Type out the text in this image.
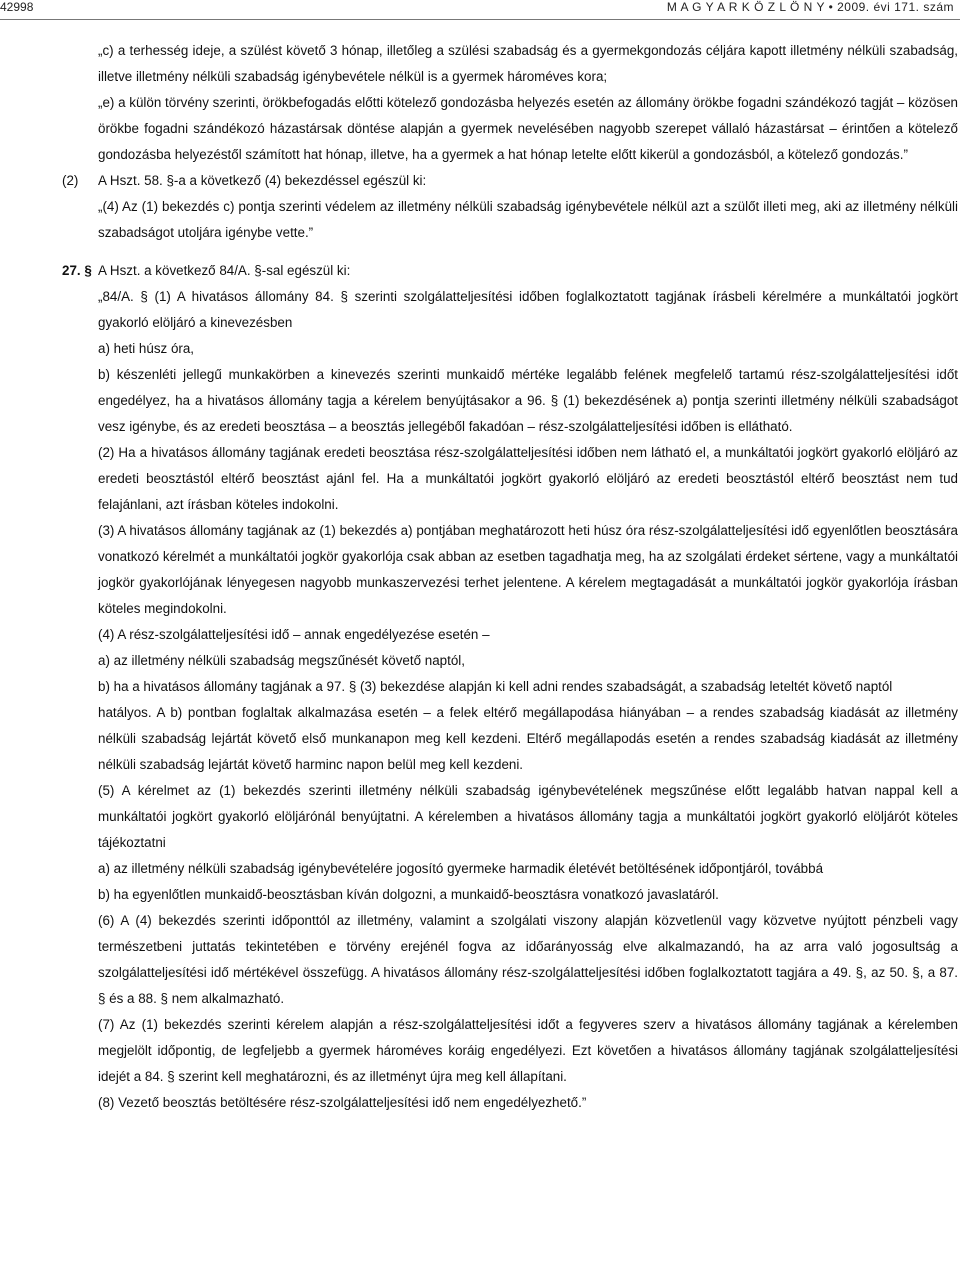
42998	M A G Y A R K Ö Z L Ö N Y • 2009. évi 171. szám

„c) a terhesség ideje, a szülést követő 3 hónap, illetőleg a szülési szabadság és a gyermekgondozás céljára kapott illetmény nélküli szabadság, illetve illetmény nélküli szabadság igénybevétele nélkül is a gyermek hároméves kora;

„e) a külön törvény szerinti, örökbefogadás előtti kötelező gondozásba helyezés esetén az állomány örökbe fogadni szándékozó tagját – közösen örökbe fogadni szándékozó házastársak döntése alapján a gyermek nevelésében nagyobb szerepet vállaló házastársat – érintően a kötelező gondozásba helyezéstől számított hat hónap, illetve, ha a gyermek a hat hónap letelte előtt kikerül a gondozásból, a kötelező gondozás.”

(2)	A Hszt. 58. §-a a következő (4) bekezdéssel egészül ki:

„(4) Az (1) bekezdés c) pontja szerinti védelem az illetmény nélküli szabadság igénybevétele nélkül azt a szülőt illeti meg, aki az illetmény nélküli szabadságot utoljára igénybe vette.”

27. § A Hszt. a következő 84/A. §-sal egészül ki:

„84/A. § (1) A hivatásos állomány 84. § szerinti szolgálatteljesítési időben foglalkoztatott tagjának írásbeli kérelmére a munkáltatói jogkört gyakorló elöljáró a kinevezésben

a) heti húsz óra,

b) készenléti jellegű munkakörben a kinevezés szerinti munkaidő mértéke legalább felének megfelelő tartamú rész-szolgálatteljesítési időt engedélyez, ha a hivatásos állomány tagja a kérelem benyújtásakor a 96. § (1) bekezdésének a) pontja szerinti illetmény nélküli szabadságot vesz igénybe, és az eredeti beosztása – a beosztás jellegéből fakadóan – rész-szolgálatteljesítési időben is ellátható.

(2) Ha a hivatásos állomány tagjának eredeti beosztása rész-szolgálatteljesítési időben nem látható el, a munkáltatói jogkört gyakorló elöljáró az eredeti beosztástól eltérő beosztást ajánl fel. Ha a munkáltatói jogkört gyakorló elöljáró az eredeti beosztástól eltérő beosztást nem tud felajánlani, azt írásban köteles indokolni.

(3) A hivatásos állomány tagjának az (1) bekezdés a) pontjában meghatározott heti húsz óra rész-szolgálatteljesítési idő egyenlőtlen beosztására vonatkozó kérelmét a munkáltatói jogkör gyakorlója csak abban az esetben tagadhatja meg, ha az szolgálati érdeket sértene, vagy a munkáltatói jogkör gyakorlójának lényegesen nagyobb munkaszervezési terhet jelentene. A kérelem megtagadását a munkáltatói jogkör gyakorlója írásban köteles megindokolni.

(4) A rész-szolgálatteljesítési idő – annak engedélyezése esetén –

a) az illetmény nélküli szabadság megszűnését követő naptól,

b) ha a hivatásos állomány tagjának a 97. § (3) bekezdése alapján ki kell adni rendes szabadságát, a szabadság leteltét követő naptól

hatályos. A b) pontban foglaltak alkalmazása esetén – a felek eltérő megállapodása hiányában – a rendes szabadság kiadását az illetmény nélküli szabadság lejártát követő első munkanapon meg kell kezdeni. Eltérő megállapodás esetén a rendes szabadság kiadását az illetmény nélküli szabadság lejártát követő harminc napon belül meg kell kezdeni.

(5) A kérelmet az (1) bekezdés szerinti illetmény nélküli szabadság igénybevételének megszűnése előtt legalább hatvan nappal kell a munkáltatói jogkört gyakorló elöljárónál benyújtatni. A kérelemben a hivatásos állomány tagja a munkáltatói jogkört gyakorló elöljárót köteles tájékoztatni

a) az illetmény nélküli szabadság igénybevételére jogosító gyermeke harmadik életévét betöltésének időpontjáról, továbbá

b) ha egyenlőtlen munkaidő-beosztásban kíván dolgozni, a munkaidő-beosztásra vonatkozó javaslatáról.

(6) A (4) bekezdés szerinti időponttól az illetmény, valamint a szolgálati viszony alapján közvetlenül vagy közvetve nyújtott pénzbeli vagy természetbeni juttatás tekintetében e törvény erejénél fogva az időarányosság elve alkalmazandó, ha az arra való jogosultság a szolgálatteljesítési idő mértékével összefügg. A hivatásos állomány rész-szolgálatteljesítési időben foglalkoztatott tagjára a 49. §, az 50. §, a 87. § és a 88. § nem alkalmazható.

(7) Az (1) bekezdés szerinti kérelem alapján a rész-szolgálatteljesítési időt a fegyveres szerv a hivatásos állomány tagjának a kérelemben megjelölt időpontig, de legfeljebb a gyermek hároméves koráig engedélyezi. Ezt követően a hivatásos állomány tagjának szolgálatteljesítési idejét a 84. § szerint kell meghatározni, és az illetményt újra meg kell állapítani.

(8) Vezető beosztás betöltésére rész-szolgálatteljesítési idő nem engedélyezhető.”
